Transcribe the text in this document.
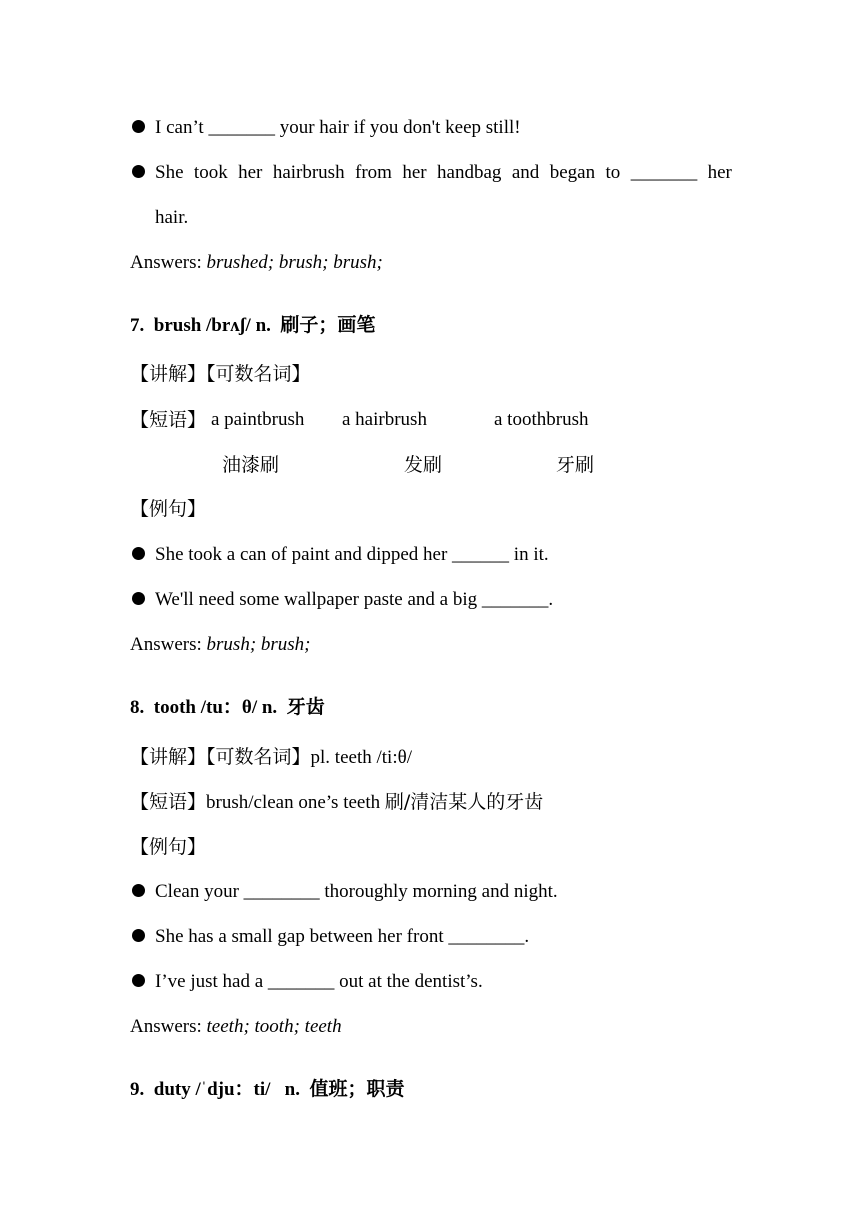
I can’t _______ your hair if you don't keep still!
She took her hairbrush from her handbag and began to _______ her
hair.
Answers: brushed; brush; brush;
7. brush /brʌʃ/ n. 刷子；画笔
【讲解】【可数名词】
【短语】 a paintbrush a hairbrush	a toothbrush
油漆刷	发刷	牙刷
【例句】
She took a can of paint and dipped her ______ in it.
We'll need some wallpaper paste and a big _______.
Answers: brush; brush;
8. tooth /tu：θ/ n. 牙齿
【讲解】【可数名词】pl. teeth /ti:θ/
【短语】brush/clean one’s teeth 刷/清洁某人的牙齿
【例句】
Clean your ________ thoroughly morning and night.
She has a small gap between her front ________.
I’ve just had a _______ out at the dentist’s.
Answers: teeth; tooth; teeth
9. duty /ˈdju：ti/ n. 值班；职责
